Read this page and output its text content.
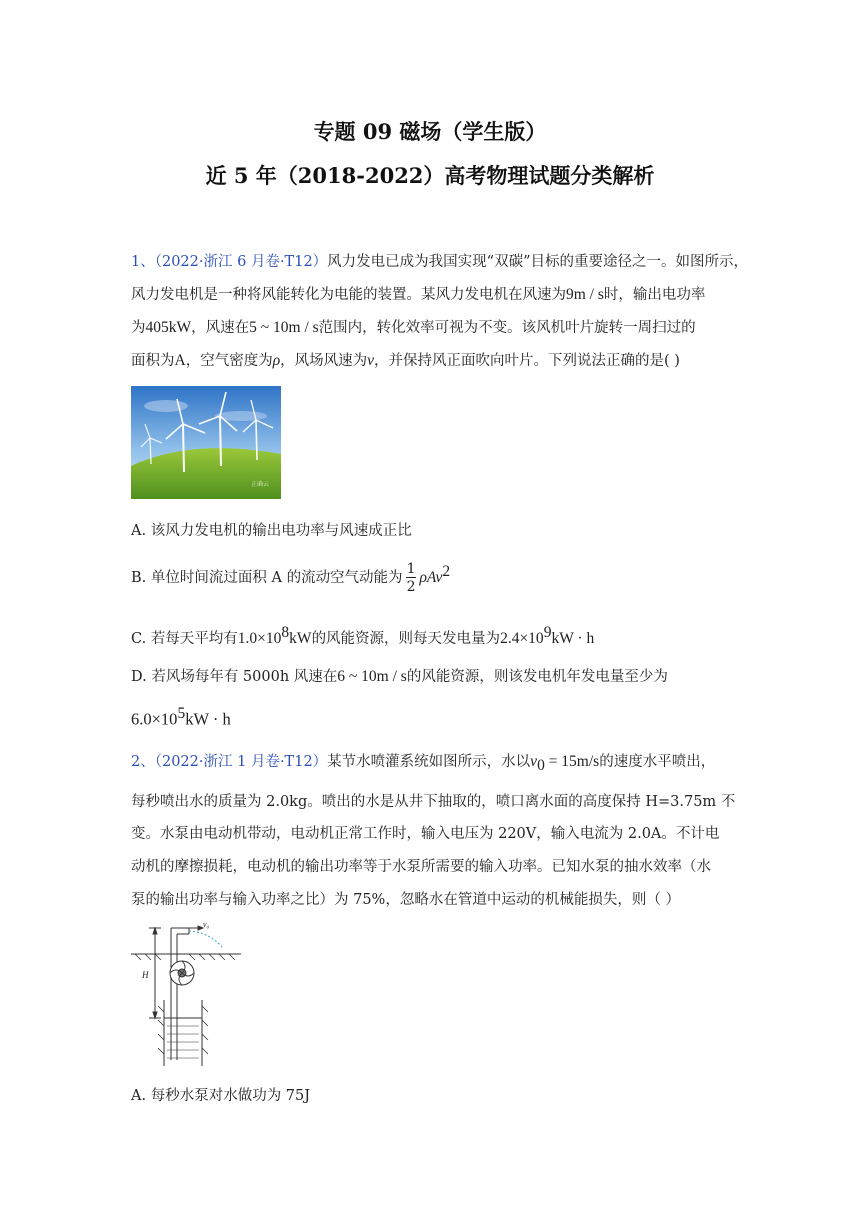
专题 09 磁场（学生版）
近 5 年（2018-2022）高考物理试题分类解析
1、（2022·浙江 6 月卷·T12）风力发电已成为我国实现“双碳”目标的重要途径之一。如图所示，
风力发电机是一种将风能转化为电能的装置。某风力发电机在风速为9m / s时，输出电功率
为405kW，风速在5 ~ 10m / s范围内，转化效率可视为不变。该风机叶片旋转一周扫过的
面积为A，空气密度为ρ，风场风速为v，并保持风正面吹向叶片。下列说法正确的是( )
正确云
A. 该风力发电机的输出电功率与风速成正比
B. 单位时间流过面积 A 的流动空气动能为 $\frac{1}{2} \rho Av^2$
C. 若每天平均有$1.0\times 10^8kW$的风能资源，则每天发电量为$2.4\times 10^9kW \cdot h$
D. 若风场每年有 5000h 风速在6 ~ 10m / s的风能资源，则该发电机年发电量至少为
$6.0\times 10^5kW \cdot h$
2、（2022·浙江 1 月卷·T12）某节水喷灌系统如图所示，水以$v_0 = 15m/s$的速度水平喷出，
每秒喷出水的质量为 2.0kg。喷出的水是从井下抽取的，喷口离水面的高度保持 H=3.75m 不
变。水泵由电动机带动，电动机正常工作时，输入电压为 220V，输入电流为 2.0A。不计电
动机的摩擦损耗，电动机的输出功率等于水泵所需要的输入功率。已知水泵的抽水效率（水
泵的输出功率与输入功率之比）为 75%，忽略水在管道中运动的机械能损失，则（ ）
v₀
H
A. 每秒水泵对水做功为 75J
